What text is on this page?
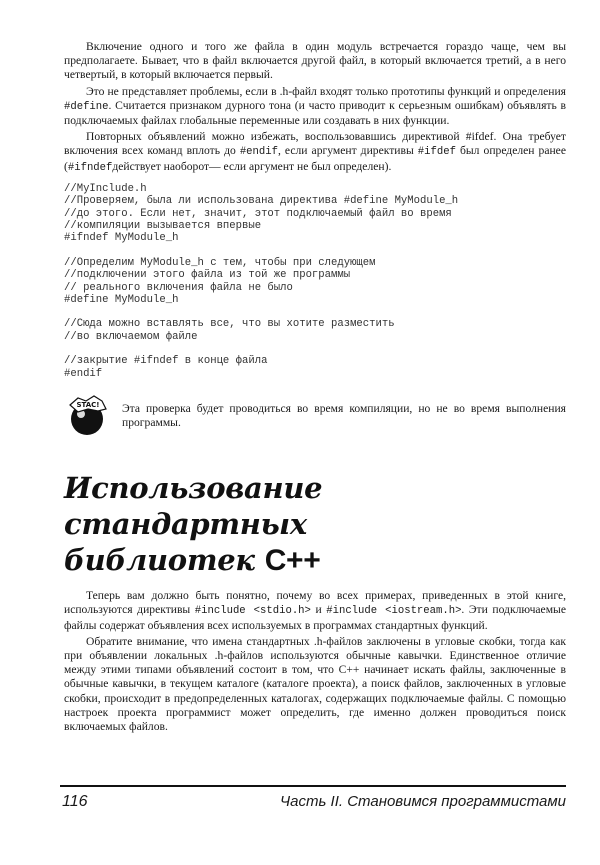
Включение одного и того же файла в один модуль встречается гораздо чаще, чем вы предполагаете. Бывает, что в файл включается другой файл, в который включается третий, а в него четвертый, в который включается первый.

Это не представляет проблемы, если в .h-файл входят только прототипы функций и определения #define. Считается признаком дурного тона (и часто приводит к серьезным ошибкам) объявлять в подключаемых файлах глобальные переменные или создавать в них функции.

Повторных объявлений можно избежать, воспользовавшись директивой #ifdef. Она требует включения всех команд вплоть до #endif, если аргумент директивы #ifdef был определен ранее (#ifndefдействует наоборот— если аргумент не был определен).

//MyInclude.h
//Проверяем, была ли использована директива #define MyModule_h
//до этого. Если нет, значит, этот подключаемый файл во время
//компиляции вызывается впервые
#ifndef MyModule_h
//Определим MyModule_h с тем, чтобы при следующем
//подключении этого файла из той же программы
// реального включения файла не было
#define MyModule_h
//Сюда можно вставлять все, что вы хотите разместить
//во включаемом файле
//закрытие #ifndef в конце файла
#endif
STAC! Эта проверка будет проводиться во время компиляции, но не во время выполнения программы.

Использование
стандартных библиотек C++

Теперь вам должно быть понятно, почему во всех примерах, приведенных в этой книге, используются директивы #include <stdio.h> и #include <iostream.h>. Эти подключаемые файлы содержат объявления всех используемых в программах стандартных функций.

Обратите внимание, что имена стандартных .h-файлов заключены в угловые скобки, тогда как при объявлении локальных .h-файлов используются обычные кавычки. Единственное отличие между этими типами объявлений состоит в том, что C++ начинает искать файлы, заключенные в обычные кавычки, в текущем каталоге (каталоге проекта), а поиск файлов, заключенных в угловые скобки, происходит в предопределенных каталогах, содержащих подключаемые файлы. С помощью настроек проекта программист может определить, где именно должен проводиться поиск включаемых файлов.

116	Часть II. Становимся программистами
